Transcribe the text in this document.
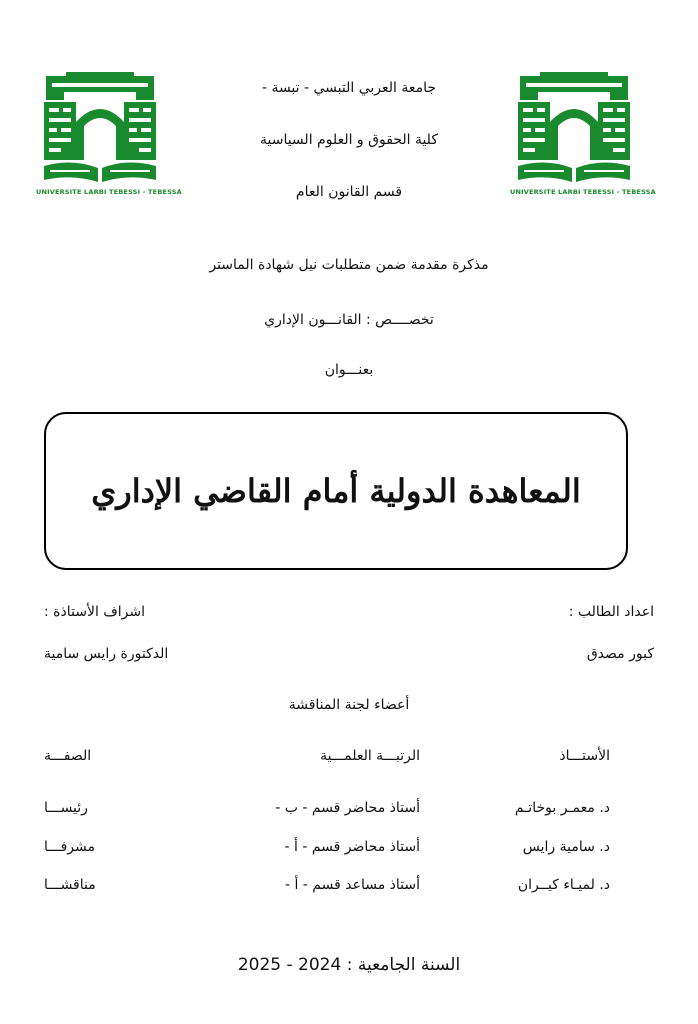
UNIVERSITE LARBI TEBESSI - TEBESSA	UNIVERSITE LARBI TEBESSI - TEBESSA
جامعة العربي التبسي - تبسة -
كلية الحقوق و العلوم السياسية
قسم القانون العام
مذكرة مقدمة ضمن متطلبات نيل شهادة الماستر
تخصــــص : القانـــون الإداري
بعنـــوان
المعاهدة الدولية أمام القاضي الإداري
اعداد الطالب :
اشراف الأستاذة :
كبور مصدق
الدكتورة رايس سامية
أعضاء لجنة المناقشة
الأستـــاذ
الرتبـــة العلمـــية
الصفـــة
د. معمـر بوخاتـم
أستاذ محاضر قسم - ب -
رئيســـا
د. سامية رايس
أستاذ محاضر قسم - أ -
مشرفـــا
د. لميـاء كيــران
أستاذ مساعد قسم - أ -
مناقشـــا
السنة الجامعية : 2024 - 2025
